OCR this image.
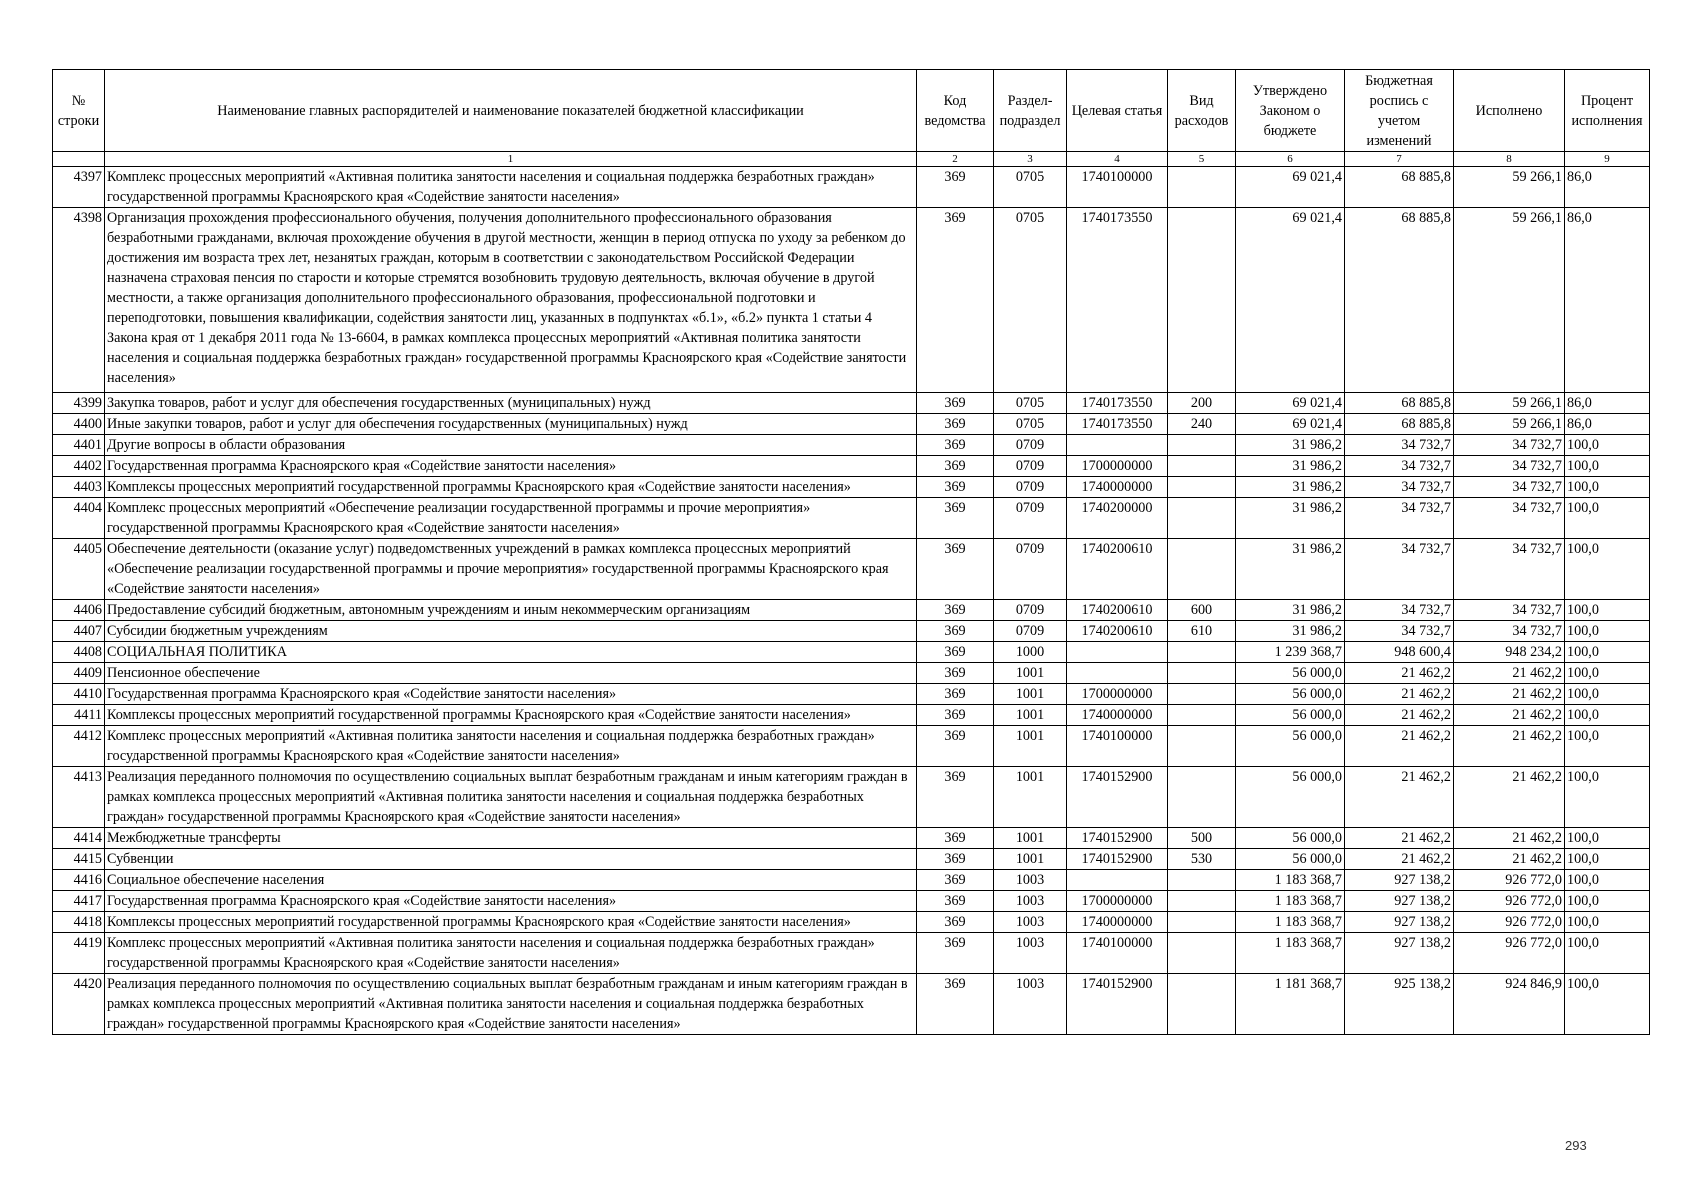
№ строки	Наименование главных распорядителей и наименование показателей бюджетной классификации	Код ведомства	Раздел-подраздел	Целевая статья	Вид расходов	Утверждено Законом о бюджете	Бюджетная роспись с учетом изменений	Исполнено	Процент исполнения
	1	2	3	4	5	6	7	8	9
4397	Комплекс процессных мероприятий «Активная политика занятости населения и социальная поддержка безработных граждан» государственной программы Красноярского края «Содействие занятости населения»	369	0705	1740100000		69 021,4	68 885,8	59 266,1	86,0
4398	Организация прохождения профессионального обучения, получения дополнительного профессионального образования безработными гражданами, включая прохождение обучения в другой местности, женщин в период отпуска по уходу за ребенком до достижения им возраста трех лет, незанятых граждан, которым в соответствии с законодательством Российской Федерации назначена страховая пенсия по старости и которые стремятся возобновить трудовую деятельность, включая обучение в другой местности, а также организация дополнительного профессионального образования, профессиональной подготовки и переподготовки, повышения квалификации, содействия занятости лиц, указанных в подпунктах «б.1», «б.2» пункта 1 статьи 4 Закона края от 1 декабря 2011 года № 13-6604, в рамках комплекса процессных мероприятий «Активная политика занятости населения и социальная поддержка безработных граждан» государственной программы Красноярского края «Содействие занятости населения»	369	0705	1740173550		69 021,4	68 885,8	59 266,1	86,0
4399	Закупка товаров, работ и услуг для обеспечения государственных (муниципальных) нужд	369	0705	1740173550	200	69 021,4	68 885,8	59 266,1	86,0
4400	Иные закупки товаров, работ и услуг для обеспечения государственных (муниципальных) нужд	369	0705	1740173550	240	69 021,4	68 885,8	59 266,1	86,0
4401	Другие вопросы в области образования	369	0709			31 986,2	34 732,7	34 732,7	100,0
4402	Государственная программа Красноярского края «Содействие занятости населения»	369	0709	1700000000		31 986,2	34 732,7	34 732,7	100,0
4403	Комплексы процессных мероприятий государственной программы Красноярского края «Содействие занятости населения»	369	0709	1740000000		31 986,2	34 732,7	34 732,7	100,0
4404	Комплекс процессных мероприятий «Обеспечение реализации государственной программы и прочие мероприятия» государственной программы Красноярского края «Содействие занятости населения»	369	0709	1740200000		31 986,2	34 732,7	34 732,7	100,0
4405	Обеспечение деятельности (оказание услуг) подведомственных учреждений в рамках комплекса процессных мероприятий «Обеспечение реализации государственной программы и прочие мероприятия» государственной программы Красноярского края «Содействие занятости населения»	369	0709	1740200610		31 986,2	34 732,7	34 732,7	100,0
4406	Предоставление субсидий бюджетным, автономным учреждениям и иным некоммерческим организациям	369	0709	1740200610	600	31 986,2	34 732,7	34 732,7	100,0
4407	Субсидии бюджетным учреждениям	369	0709	1740200610	610	31 986,2	34 732,7	34 732,7	100,0
4408	СОЦИАЛЬНАЯ ПОЛИТИКА	369	1000			1 239 368,7	948 600,4	948 234,2	100,0
4409	Пенсионное обеспечение	369	1001			56 000,0	21 462,2	21 462,2	100,0
4410	Государственная программа Красноярского края «Содействие занятости населения»	369	1001	1700000000		56 000,0	21 462,2	21 462,2	100,0
4411	Комплексы процессных мероприятий государственной программы Красноярского края «Содействие занятости населения»	369	1001	1740000000		56 000,0	21 462,2	21 462,2	100,0
4412	Комплекс процессных мероприятий «Активная политика занятости населения и социальная поддержка безработных граждан» государственной программы Красноярского края «Содействие занятости населения»	369	1001	1740100000		56 000,0	21 462,2	21 462,2	100,0
4413	Реализация переданного полномочия по осуществлению социальных выплат безработным гражданам и иным категориям граждан в рамках комплекса процессных мероприятий «Активная политика занятости населения и социальная поддержка безработных граждан» государственной программы Красноярского края «Содействие занятости населения»	369	1001	1740152900		56 000,0	21 462,2	21 462,2	100,0
4414	Межбюджетные трансферты	369	1001	1740152900	500	56 000,0	21 462,2	21 462,2	100,0
4415	Субвенции	369	1001	1740152900	530	56 000,0	21 462,2	21 462,2	100,0
4416	Социальное обеспечение населения	369	1003			1 183 368,7	927 138,2	926 772,0	100,0
4417	Государственная программа Красноярского края «Содействие занятости населения»	369	1003	1700000000		1 183 368,7	927 138,2	926 772,0	100,0
4418	Комплексы процессных мероприятий государственной программы Красноярского края «Содействие занятости населения»	369	1003	1740000000		1 183 368,7	927 138,2	926 772,0	100,0
4419	Комплекс процессных мероприятий «Активная политика занятости населения и социальная поддержка безработных граждан» государственной программы Красноярского края «Содействие занятости населения»	369	1003	1740100000		1 183 368,7	927 138,2	926 772,0	100,0
4420	Реализация переданного полномочия по осуществлению социальных выплат безработным гражданам и иным категориям граждан в рамках комплекса процессных мероприятий «Активная политика занятости населения и социальная поддержка безработных граждан» государственной программы Красноярского края «Содействие занятости населения»	369	1003	1740152900		1 181 368,7	925 138,2	924 846,9	100,0
293
